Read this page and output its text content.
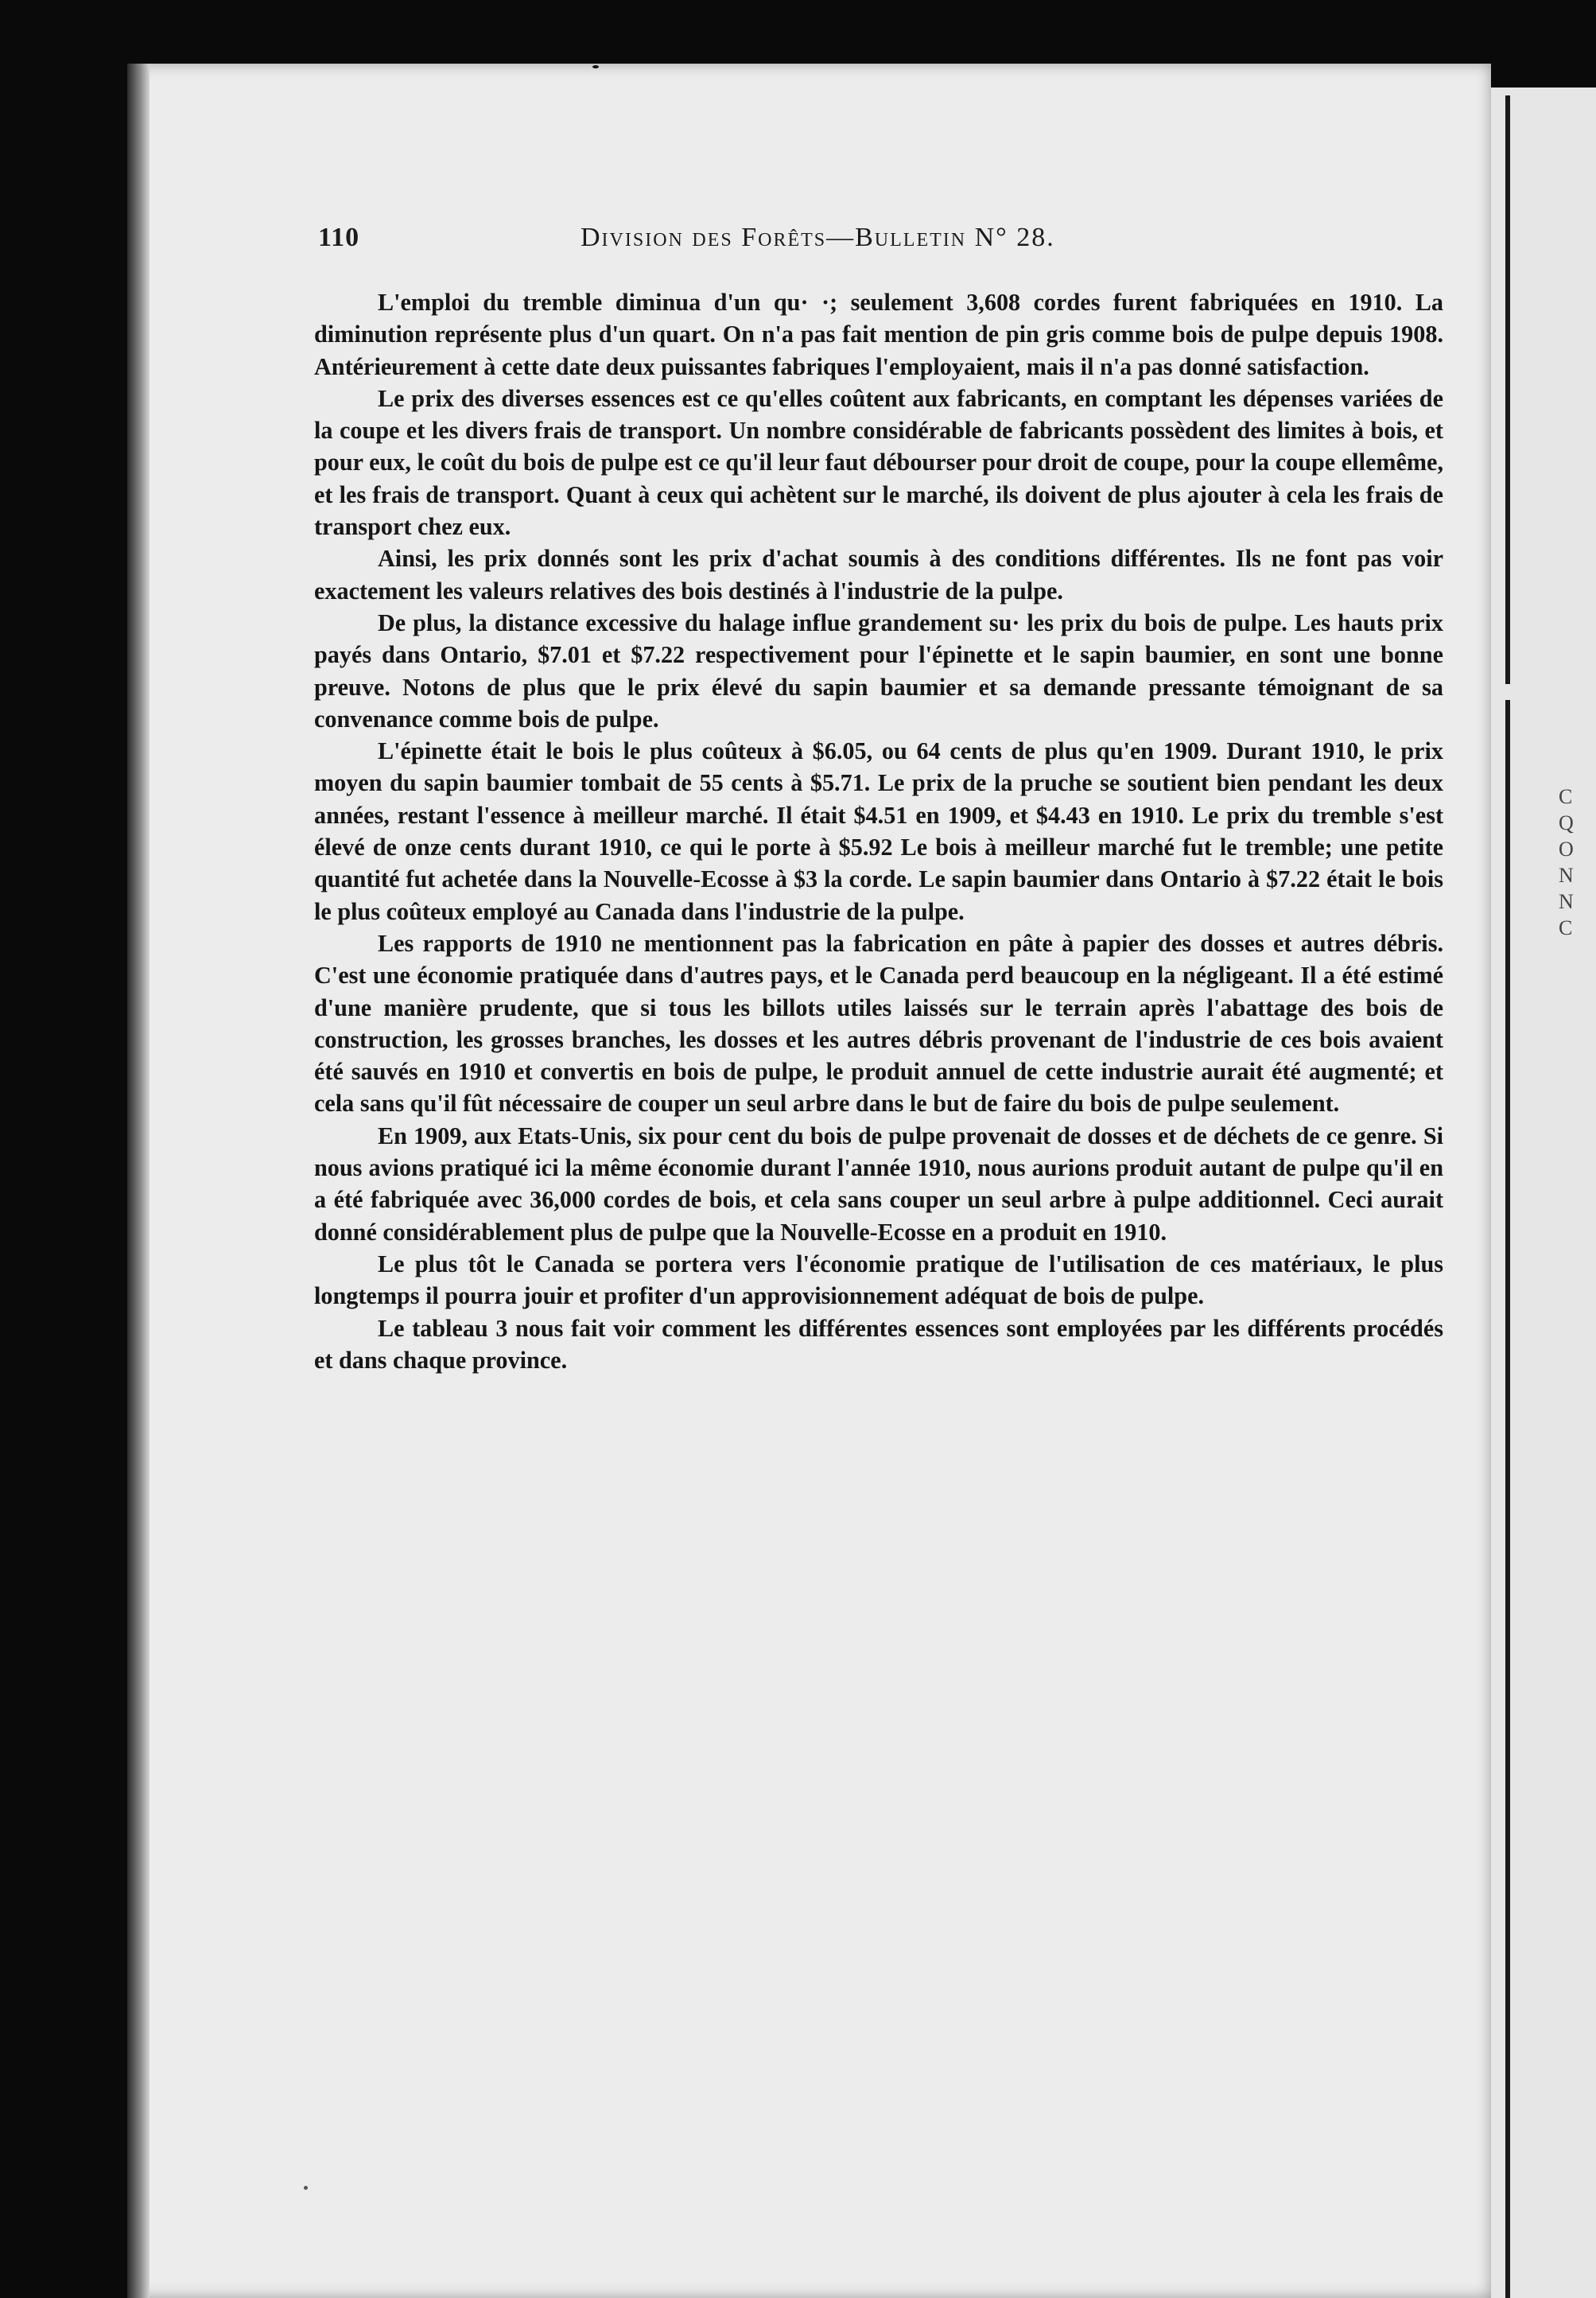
C
Q
O
N
N
C
110	Division des Forêts—Bulletin N° 28.

L'emploi du tremble diminua d'un qu· ·; seulement 3,608 cordes furent fabriquées en 1910. La diminution représente plus d'un quart. On n'a pas fait mention de pin gris comme bois de pulpe depuis 1908. Antérieurement à cette date deux puissantes fabriques l'employaient, mais il n'a pas donné satisfaction.

Le prix des diverses essences est ce qu'elles coûtent aux fabricants, en comptant les dépenses variées de la coupe et les divers frais de transport. Un nombre considérable de fabricants possèdent des limites à bois, et pour eux, le coût du bois de pulpe est ce qu'il leur faut débourser pour droit de coupe, pour la coupe ellemême, et les frais de transport. Quant à ceux qui achètent sur le marché, ils doivent de plus ajouter à cela les frais de transport chez eux.

Ainsi, les prix donnés sont les prix d'achat soumis à des conditions différentes. Ils ne font pas voir exactement les valeurs relatives des bois destinés à l'industrie de la pulpe.

De plus, la distance excessive du halage influe grandement su· les prix du bois de pulpe. Les hauts prix payés dans Ontario, $7.01 et $7.22 respectivement pour l'épinette et le sapin baumier, en sont une bonne preuve. Notons de plus que le prix élevé du sapin baumier et sa demande pressante témoignant de sa convenance comme bois de pulpe.

L'épinette était le bois le plus coûteux à $6.05, ou 64 cents de plus qu'en 1909. Durant 1910, le prix moyen du sapin baumier tombait de 55 cents à $5.71. Le prix de la pruche se soutient bien pendant les deux années, restant l'essence à meilleur marché. Il était $4.51 en 1909, et $4.43 en 1910. Le prix du tremble s'est élevé de onze cents durant 1910, ce qui le porte à $5.92 Le bois à meilleur marché fut le tremble; une petite quantité fut achetée dans la Nouvelle-Ecosse à $3 la corde. Le sapin baumier dans Ontario à $7.22 était le bois le plus coûteux employé au Canada dans l'industrie de la pulpe.

Les rapports de 1910 ne mentionnent pas la fabrication en pâte à papier des dosses et autres débris. C'est une économie pratiquée dans d'autres pays, et le Canada perd beaucoup en la négligeant. Il a été estimé d'une manière prudente, que si tous les billots utiles laissés sur le terrain après l'abattage des bois de construction, les grosses branches, les dosses et les autres débris provenant de l'industrie de ces bois avaient été sauvés en 1910 et convertis en bois de pulpe, le produit annuel de cette industrie aurait été augmenté; et cela sans qu'il fût nécessaire de couper un seul arbre dans le but de faire du bois de pulpe seulement.

En 1909, aux Etats-Unis, six pour cent du bois de pulpe provenait de dosses et de déchets de ce genre. Si nous avions pratiqué ici la même économie durant l'année 1910, nous aurions produit autant de pulpe qu'il en a été fabriquée avec 36,000 cordes de bois, et cela sans couper un seul arbre à pulpe additionnel. Ceci aurait donné considérablement plus de pulpe que la Nouvelle-Ecosse en a produit en 1910.

Le plus tôt le Canada se portera vers l'économie pratique de l'utilisation de ces matériaux, le plus longtemps il pourra jouir et profiter d'un approvisionnement adéquat de bois de pulpe.

Le tableau 3 nous fait voir comment les différentes essences sont employées par les différents procédés et dans chaque province.
